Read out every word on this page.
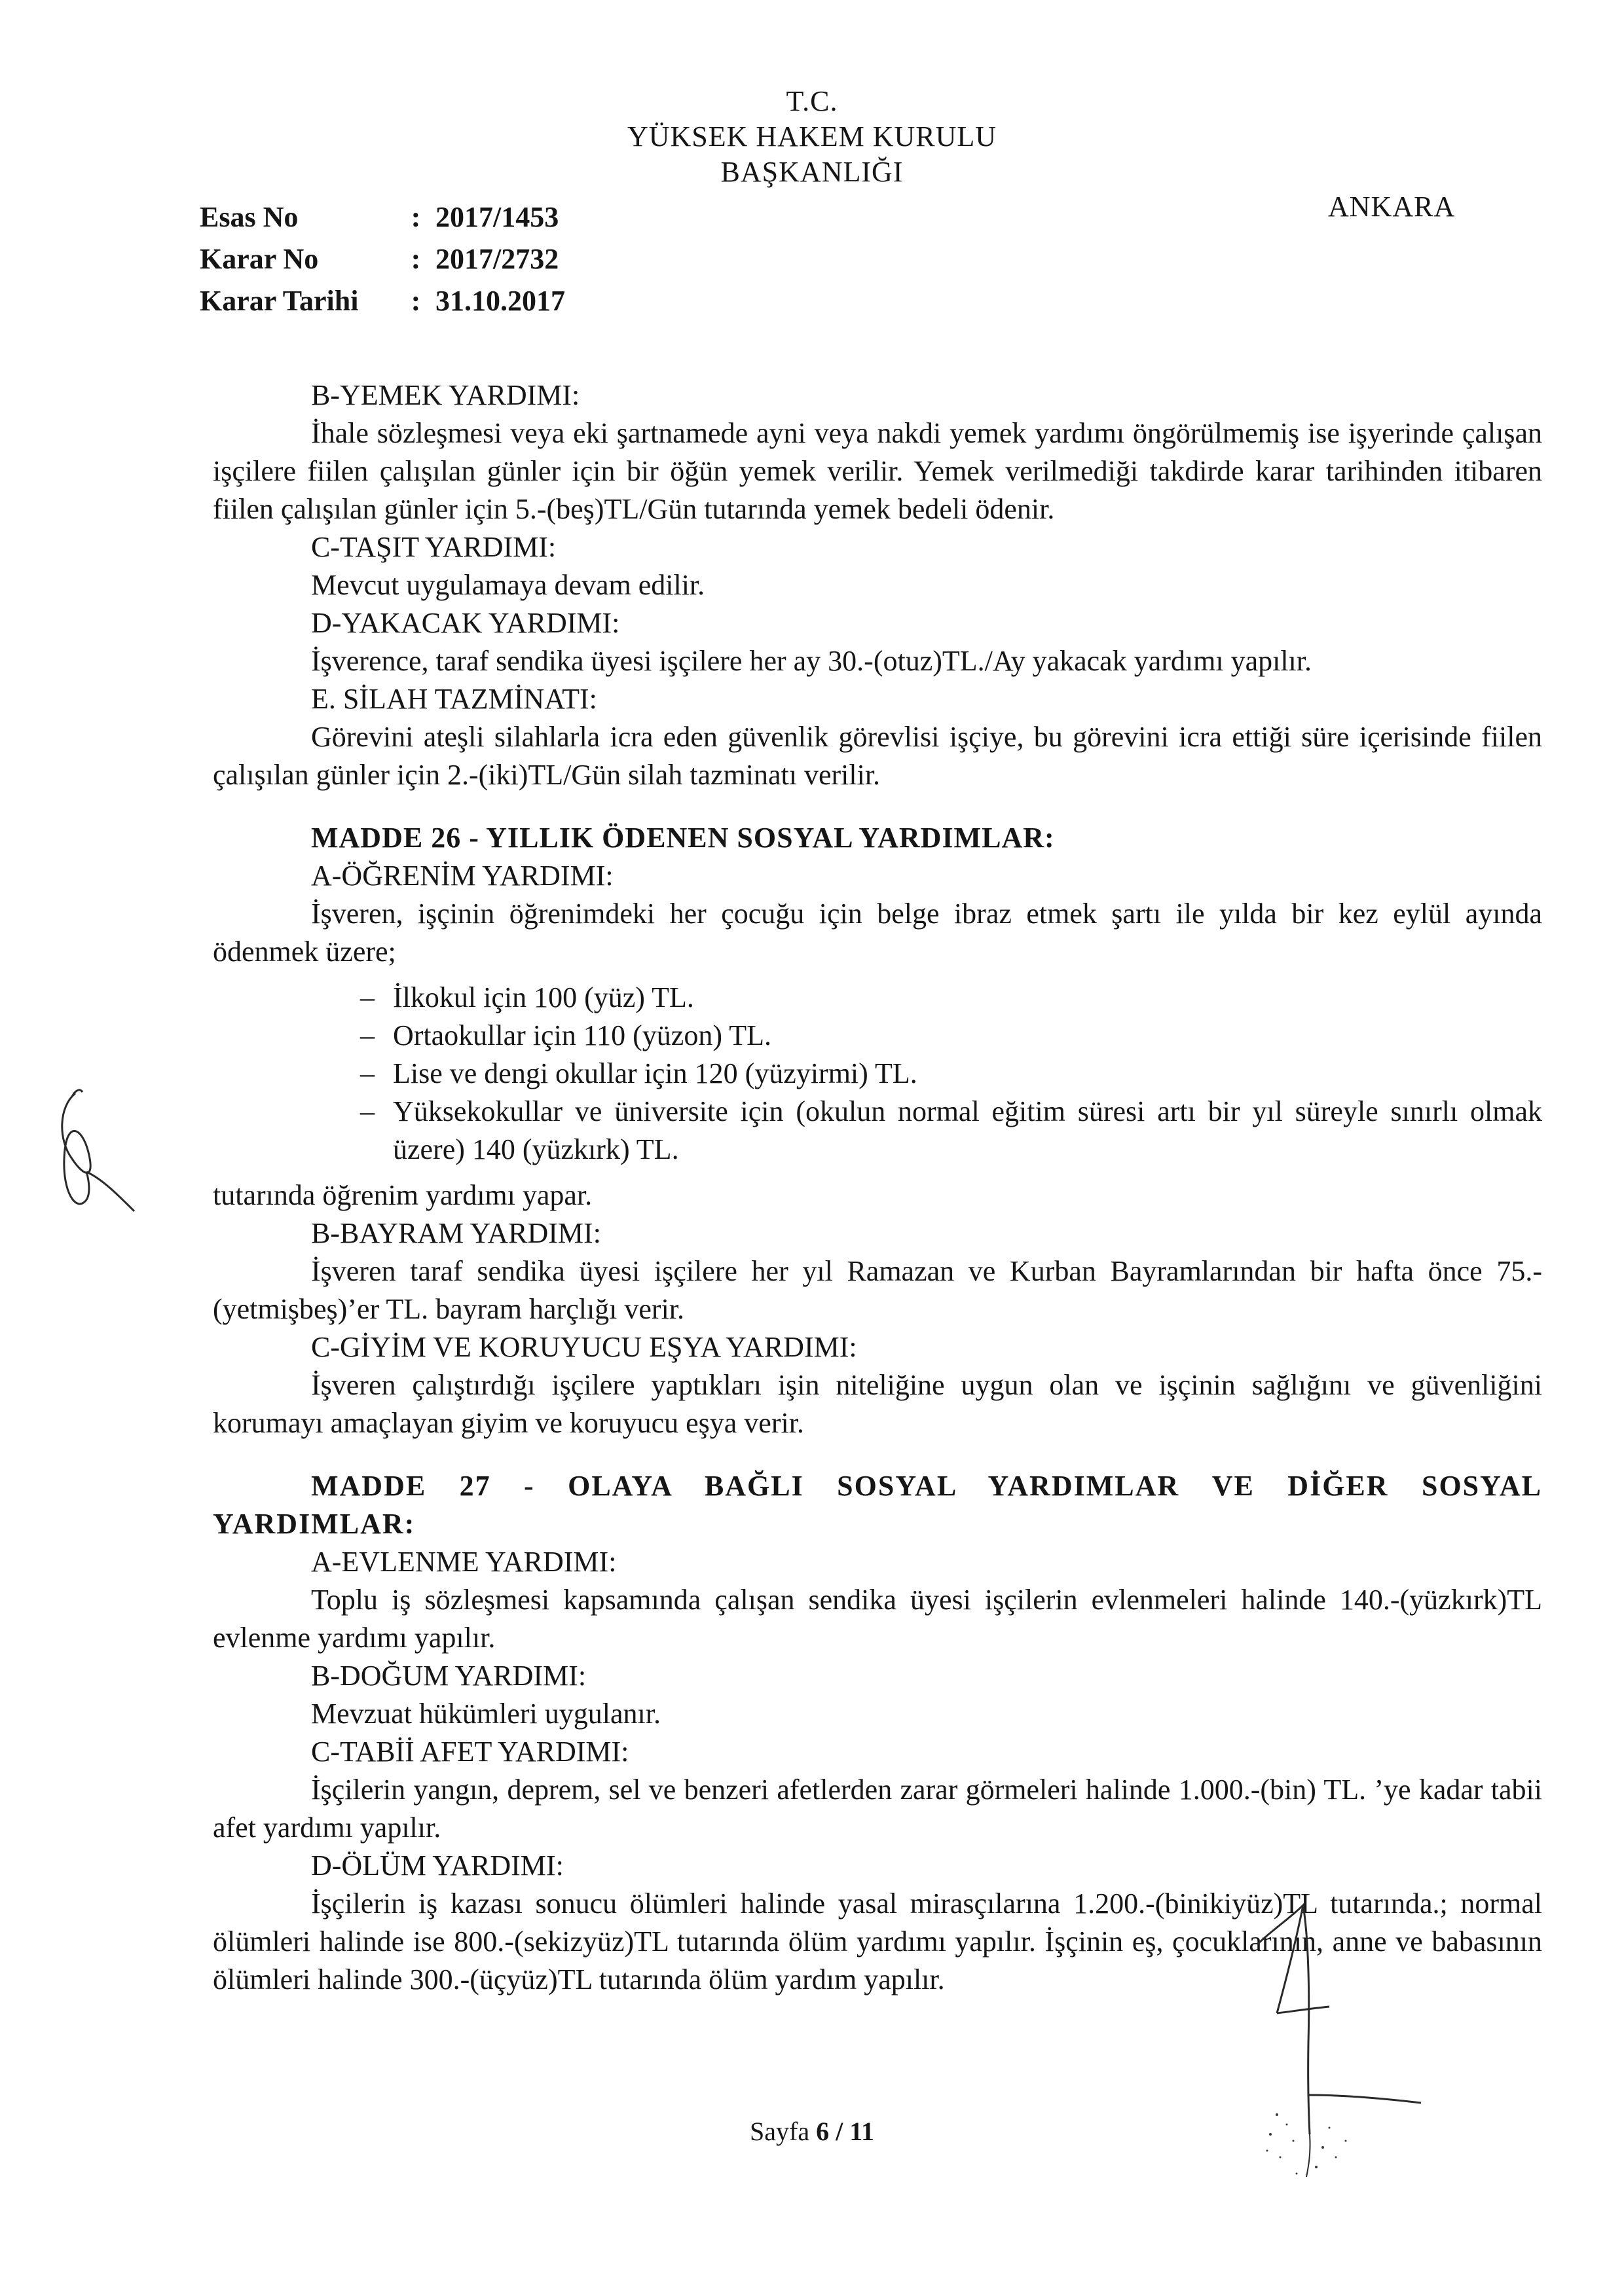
T.C.
YÜKSEK HAKEM KURULU
BAŞKANLIĞI
ANKARA
Esas No	: 2017/1453
Karar No	: 2017/2732
Karar Tarihi	: 31.10.2017

B-YEMEK YARDIMI:

İhale sözleşmesi veya eki şartnamede ayni veya nakdi yemek yardımı öngörülmemiş ise işyerinde çalışan işçilere fiilen çalışılan günler için bir öğün yemek verilir. Yemek verilmediği takdirde karar tarihinden itibaren fiilen çalışılan günler için 5.-(beş)TL/Gün tutarında yemek bedeli ödenir.

C-TAŞIT YARDIMI:

Mevcut uygulamaya devam edilir.

D-YAKACAK YARDIMI:

İşverence, taraf sendika üyesi işçilere her ay 30.-(otuz)TL./Ay yakacak yardımı yapılır.

E. SİLAH TAZMİNATI:

Görevini ateşli silahlarla icra eden güvenlik görevlisi işçiye, bu görevini icra ettiği süre içerisinde fiilen çalışılan günler için 2.-(iki)TL/Gün silah tazminatı verilir.

MADDE 26 - YILLIK ÖDENEN SOSYAL YARDIMLAR:

A-ÖĞRENİM YARDIMI:

İşveren, işçinin öğrenimdeki her çocuğu için belge ibraz etmek şartı ile yılda bir kez eylül ayında ödenmek üzere;

– İlkokul için 100 (yüz) TL.
– Ortaokullar için 110 (yüzon) TL.
– Lise ve dengi okullar için 120 (yüzyirmi) TL.
– Yüksekokullar ve üniversite için (okulun normal eğitim süresi artı bir yıl süreyle sınırlı olmak üzere) 140 (yüzkırk) TL.

tutarında öğrenim yardımı yapar.

B-BAYRAM YARDIMI:

İşveren taraf sendika üyesi işçilere her yıl Ramazan ve Kurban Bayramlarından bir hafta önce 75.-(yetmişbeş)’er TL. bayram harçlığı verir.

C-GİYİM VE KORUYUCU EŞYA YARDIMI:

İşveren çalıştırdığı işçilere yaptıkları işin niteliğine uygun olan ve işçinin sağlığını ve güvenliğini korumayı amaçlayan giyim ve koruyucu eşya verir.

MADDE 27 - OLAYA BAĞLI SOSYAL YARDIMLAR VE DİĞER SOSYAL YARDIMLAR:

A-EVLENME YARDIMI:

Toplu iş sözleşmesi kapsamında çalışan sendika üyesi işçilerin evlenmeleri halinde 140.-(yüzkırk)TL evlenme yardımı yapılır.

B-DOĞUM YARDIMI:

Mevzuat hükümleri uygulanır.

C-TABİİ AFET YARDIMI:

İşçilerin yangın, deprem, sel ve benzeri afetlerden zarar görmeleri halinde 1.000.-(bin) TL. ’ye kadar tabii afet yardımı yapılır.

D-ÖLÜM YARDIMI:

İşçilerin iş kazası sonucu ölümleri halinde yasal mirasçılarına 1.200.-(binikiyüz)TL tutarında.; normal ölümleri halinde ise 800.-(sekizyüz)TL tutarında ölüm yardımı yapılır. İşçinin eş, çocuklarının, anne ve babasının ölümleri halinde 300.-(üçyüz)TL tutarında ölüm yardım yapılır.

Sayfa 6 / 11
